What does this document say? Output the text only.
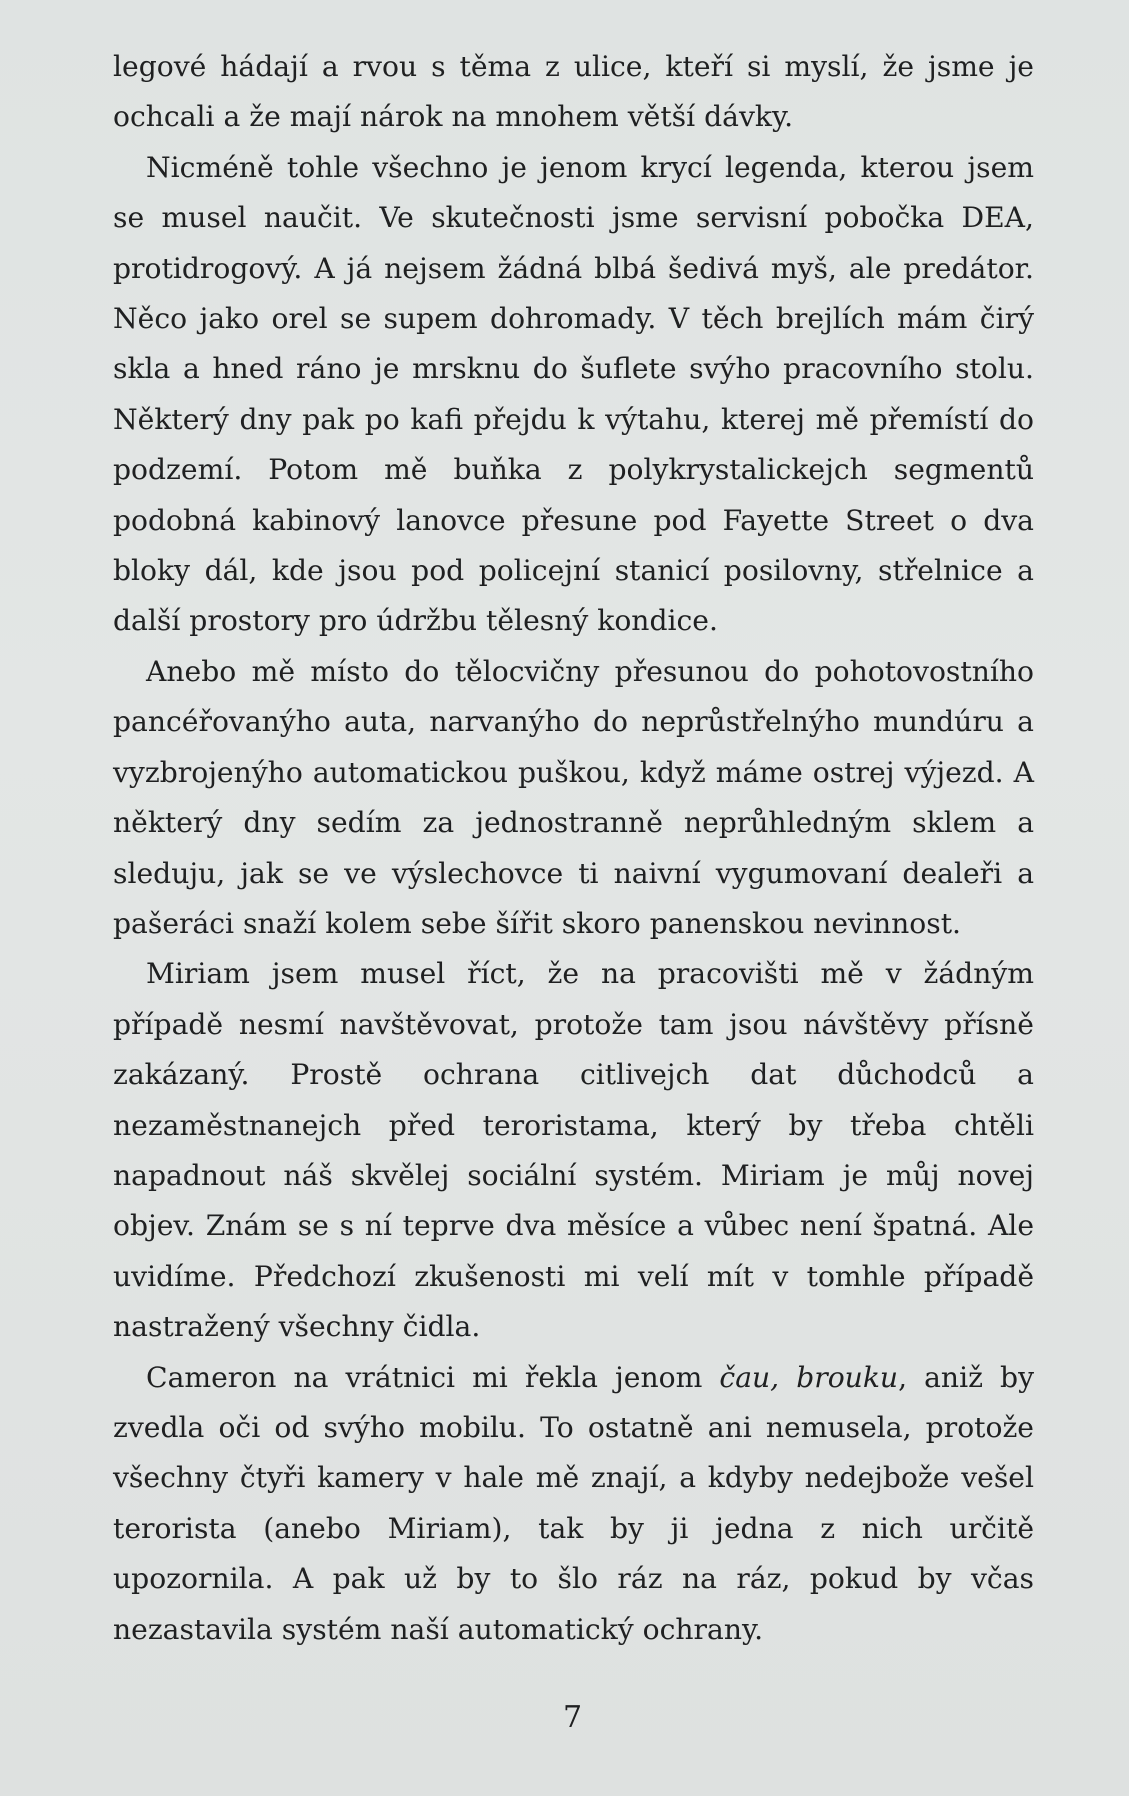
legové hádají a rvou s těma z ulice, kteří si myslí, že jsme je ochcali a že mají nárok na mnohem větší dávky.

Nicméně tohle všechno je jenom krycí legenda, kterou jsem se musel naučit. Ve skutečnosti jsme servisní pobočka DEA, protidrogový. A já nejsem žádná blbá šedivá myš, ale predátor. Něco jako orel se supem dohromady. V těch brejlích mám čirý skla a hned ráno je mrsknu do šuflete svýho pracovního stolu. Některý dny pak po kafi přejdu k výtahu, kterej mě přemístí do podzemí. Potom mě buňka z polykrystalickejch segmentů podobná kabinový lanovce přesune pod Fayette Street o dva bloky dál, kde jsou pod policejní stanicí posilovny, střelnice a další prostory pro údržbu tělesný kondice.

Anebo mě místo do tělocvičny přesunou do pohotovostního pancéřovanýho auta, narvanýho do neprůstřelnýho mundúru a vyzbrojenýho automatickou puškou, když máme ostrej výjezd. A některý dny sedím za jednostranně neprůhledným sklem a sleduju, jak se ve výslechovce ti naivní vygumovaní dealeři a pašeráci snaží kolem sebe šířit skoro panenskou nevinnost.

Miriam jsem musel říct, že na pracovišti mě v žádným případě nesmí navštěvovat, protože tam jsou návštěvy přísně zakázaný. Prostě ochrana citlivejch dat důchodců a nezaměstnanejch před teroristama, který by třeba chtěli napadnout náš skvělej sociální systém. Miriam je můj novej objev. Znám se s ní teprve dva měsíce a vůbec není špatná. Ale uvidíme. Předchozí zkušenosti mi velí mít v tomhle případě nastražený všechny čidla.

Cameron na vrátnici mi řekla jenom čau, brouku, aniž by zvedla oči od svýho mobilu. To ostatně ani nemusela, protože všechny čtyři kamery v hale mě znají, a kdyby nedejbože vešel terorista (anebo Miriam), tak by ji jedna z nich určitě upozornila. A pak už by to šlo ráz na ráz, pokud by včas nezastavila systém naší automatický ochrany.

7
